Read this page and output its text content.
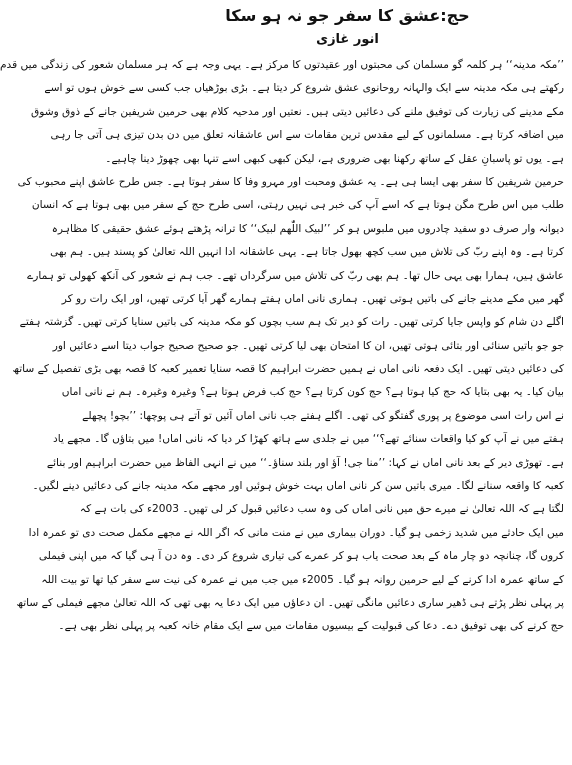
حج:عشق کا سفر جو نہ ہو سکا
انور غازی
’’مکہ مدینہ‘‘ ہر کلمہ گو مسلمان کی محبتوں اور عقیدتوں کا مرکز ہے۔ یہی وجہ ہے کہ ہر مسلمان شعور کی زندگی میں قدم
رکھتے ہی مکہ مدینہ سے ایک والہانہ روحانوی عشق شروع کر دیتا ہے۔ بڑی بوڑھیاں جب کسی سے خوش ہوں تو اسے
مکے مدینے کی زیارت کی توفیق ملنے کی دعائیں دیتی ہیں۔ نعتیں اور مدحیہ کلام بھی حرمین شریفین جانے کے ذوق وشوق
میں اضافہ کرتا ہے۔ مسلمانوں کے لیے مقدس ترین مقامات سے اس عاشقانہ تعلق میں دن بدن تیزی ہی آتی جا رہی
ہے۔ یوں تو پاسبانِ عقل کے ساتھ رکھنا بھی ضروری ہے، لیکن کبھی کبھی اسے تنہا بھی چھوڑ دینا چاہیے۔
حرمین شریفین کا سفر بھی ایسا ہی ہے۔ یہ عشق ومحبت اور مہرو وفا کا سفر ہوتا ہے۔ جس طرح عاشق اپنے محبوب کی
طلب میں اس طرح مگن ہوتا ہے کہ اسے آپ کی خبر ہی نہیں رہتی، اسی طرح حج کے سفر میں بھی ہوتا ہے کہ انسان
دیوانہ وار صرف دو سفید چادروں میں ملبوس ہو کر ’’لبیک اللّٰھم لبیک‘‘ کا ترانہ پڑھتے ہوئے عشق حقیقی کا مظاہرہ
کرتا ہے۔ وہ اپنے ربّ کی تلاش میں سب کچھ بھول جاتا ہے۔ یہی عاشقانہ ادا انہیں اللہ تعالیٰ کو پسند ہیں۔ ہم بھی
عاشق ہیں، ہمارا بھی یہی حال تھا۔ ہم بھی ربّ کی تلاش میں سرگرداں تھے۔ جب ہم نے شعور کی آنکھ کھولی تو ہمارے
گھر میں مکے مدینے جانے کی باتیں ہوتی تھیں۔ ہماری نانی اماں ہفتے ہمارے گھر آیا کرتی تھیں، اور ایک رات رو کر
اگلے دن شام کو واپس جایا کرتی تھیں۔ رات کو دیر تک ہم سب بچوں کو مکہ مدینہ کی باتیں سنایا کرتی تھیں۔ گزشتہ ہفتے
جو جو باتیں سنائی اور بتائی ہوتی تھیں، ان کا امتحان بھی لیا کرتی تھیں۔ جو صحیح صحیح جواب دیتا اسے دعائیں اور
کی دعائیں دیتی تھیں۔ ایک دفعہ نانی اماں نے ہمیں حضرت ابراہیم کا قصہ سنایا تعمیر کعبہ کا قصہ بھی بڑی تفصیل کے ساتھ
بیان کیا۔ یہ بھی بتایا کہ حج کیا ہوتا ہے؟ حج کون کرتا ہے؟ حج کب فرض ہوتا ہے؟ وغیرہ وغیرہ۔ ہم نے نانی اماں
نے اس رات اسی موضوع پر پوری گفتگو کی تھی۔ اگلے ہفتے جب نانی اماں آئیں تو آتے ہی پوچھا: ’’بچو! پچھلے
ہفتے میں نے آپ کو کیا واقعات سنائے تھے؟‘‘ میں نے جلدی سے ہاتھ کھڑا کر دیا کہ نانی اماں! میں بتاؤں گا۔ مجھے یاد
ہے۔ تھوڑی دیر کے بعد نانی اماں نے کہا: ’’منا جی! آؤ اور بلند سناؤ۔‘‘ میں نے انہی الفاظ میں حضرت ابراہیم اور بنائے
کعبہ کا واقعہ سنانے لگا۔ میری باتیں سن کر نانی اماں بہت خوش ہوئیں اور مجھے مکہ مدینہ جانے کی دعائیں دینے لگیں۔
لگتا ہے کہ اللہ تعالیٰ نے میرے حق میں نانی اماں کی وہ سب دعائیں قبول کر لی تھیں۔ 2003ء کی بات ہے کہ
میں ایک حادثے میں شدید زخمی ہو گیا۔ دوران بیماری میں نے منت مانی کہ اگر اللہ نے مجھے مکمل صحت دی تو عمرہ ادا
کروں گا، چنانچہ دو چار ماہ کے بعد صحت یاب ہو کر عمرے کی تیاری شروع کر دی۔ وہ دن آ ہی گیا کہ میں اپنی فیملی
کے ساتھ عمرہ ادا کرنے کے لیے حرمین روانہ ہو گیا۔ 2005ء میں جب میں نے عمرہ کی نیت سے سفر کیا تھا تو بیت اللہ
پر پہلی نظر پڑتے ہی ڈھیر ساری دعائیں مانگی تھیں۔ ان دعاؤں میں ایک دعا یہ بھی تھی کہ اللہ تعالیٰ مجھے فیملی کے ساتھ
حج کرنے کی بھی توفیق دے۔ دعا کی قبولیت کے بیسیوں مقامات میں سے ایک مقام خانہ کعبہ پر پہلی نظر بھی ہے۔
